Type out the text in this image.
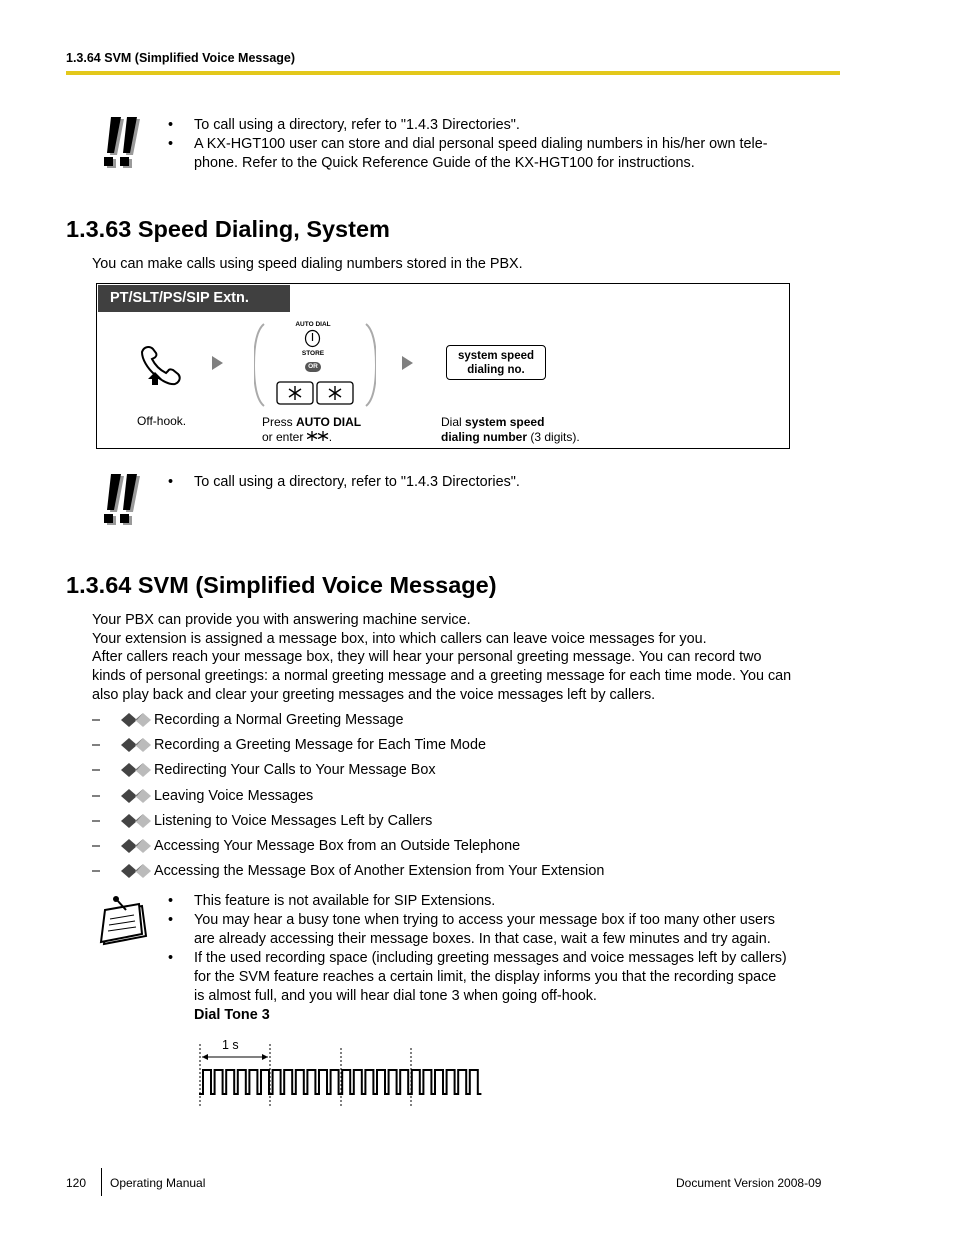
1.3.64 SVM (Simplified Voice Message)
• To call using a directory, refer to "1.4.3 Directories".
• A KX-HGT100 user can store and dial personal speed dialing numbers in his/her own tele-
phone. Refer to the Quick Reference Guide of the KX-HGT100 for instructions.
1.3.63 Speed Dialing, System
You can make calls using speed dialing numbers stored in the PBX.
PT/SLT/PS/SIP Extn.
AUTO DIAL
STORE
OR
system speed
dialing no.
Off-hook.	Press AUTO DIAL
or enter .
Dial system speed
dialing number (3 digits).
• To call using a directory, refer to "1.4.3 Directories".
1.3.64 SVM (Simplified Voice Message)
Your PBX can provide you with answering machine service.
Your extension is assigned a message box, into which callers can leave voice messages for you.
After callers reach your message box, they will hear your personal greeting message. You can record two
kinds of personal greetings: a normal greeting message and a greeting message for each time mode. You can
also play back and clear your greeting messages and the voice messages left by callers.
–	Recording a Normal Greeting Message
–	Recording a Greeting Message for Each Time Mode
–	Redirecting Your Calls to Your Message Box
–	Leaving Voice Messages
–	Listening to Voice Messages Left by Callers
–	Accessing Your Message Box from an Outside Telephone
–	Accessing the Message Box of Another Extension from Your Extension
• This feature is not available for SIP Extensions.
• You may hear a busy tone when trying to access your message box if too many other users
are already accessing their message boxes. In that case, wait a few minutes and try again.
• If the used recording space (including greeting messages and voice messages left by callers)
for the SVM feature reaches a certain limit, the display informs you that the recording space
is almost full, and you will hear dial tone 3 when going off-hook.
Dial Tone 3
1 s
120 Operating Manual	Document Version 2008-09
